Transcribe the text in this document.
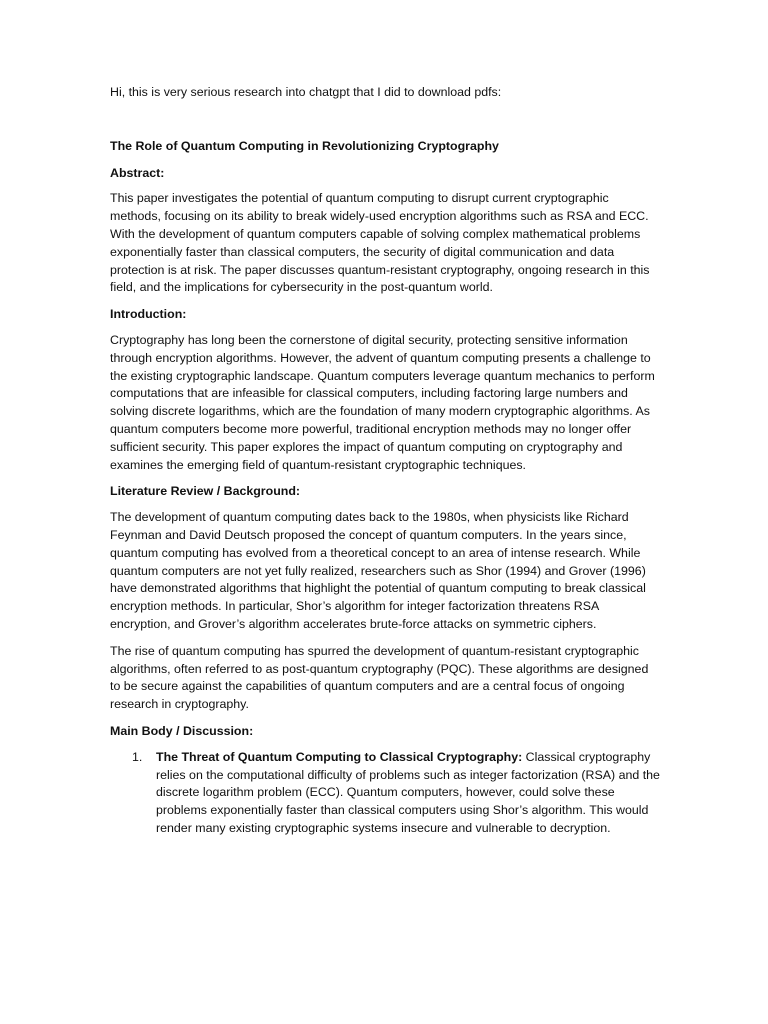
Hi, this is very serious research into chatgpt that I did to download pdfs:

The Role of Quantum Computing in Revolutionizing Cryptography

Abstract:

This paper investigates the potential of quantum computing to disrupt current cryptographic methods, focusing on its ability to break widely-used encryption algorithms such as RSA and ECC. With the development of quantum computers capable of solving complex mathematical problems exponentially faster than classical computers, the security of digital communication and data protection is at risk. The paper discusses quantum-resistant cryptography, ongoing research in this field, and the implications for cybersecurity in the post-quantum world.

Introduction:

Cryptography has long been the cornerstone of digital security, protecting sensitive information through encryption algorithms. However, the advent of quantum computing presents a challenge to the existing cryptographic landscape. Quantum computers leverage quantum mechanics to perform computations that are infeasible for classical computers, including factoring large numbers and solving discrete logarithms, which are the foundation of many modern cryptographic algorithms. As quantum computers become more powerful, traditional encryption methods may no longer offer sufficient security. This paper explores the impact of quantum computing on cryptography and examines the emerging field of quantum-resistant cryptographic techniques.

Literature Review / Background:

The development of quantum computing dates back to the 1980s, when physicists like Richard Feynman and David Deutsch proposed the concept of quantum computers. In the years since, quantum computing has evolved from a theoretical concept to an area of intense research. While quantum computers are not yet fully realized, researchers such as Shor (1994) and Grover (1996) have demonstrated algorithms that highlight the potential of quantum computing to break classical encryption methods. In particular, Shor’s algorithm for integer factorization threatens RSA encryption, and Grover’s algorithm accelerates brute-force attacks on symmetric ciphers.

The rise of quantum computing has spurred the development of quantum-resistant cryptographic algorithms, often referred to as post-quantum cryptography (PQC). These algorithms are designed to be secure against the capabilities of quantum computers and are a central focus of ongoing research in cryptography.

Main Body / Discussion:

1. The Threat of Quantum Computing to Classical Cryptography: Classical cryptography relies on the computational difficulty of problems such as integer factorization (RSA) and the discrete logarithm problem (ECC). Quantum computers, however, could solve these problems exponentially faster than classical computers using Shor’s algorithm. This would render many existing cryptographic systems insecure and vulnerable to decryption.
